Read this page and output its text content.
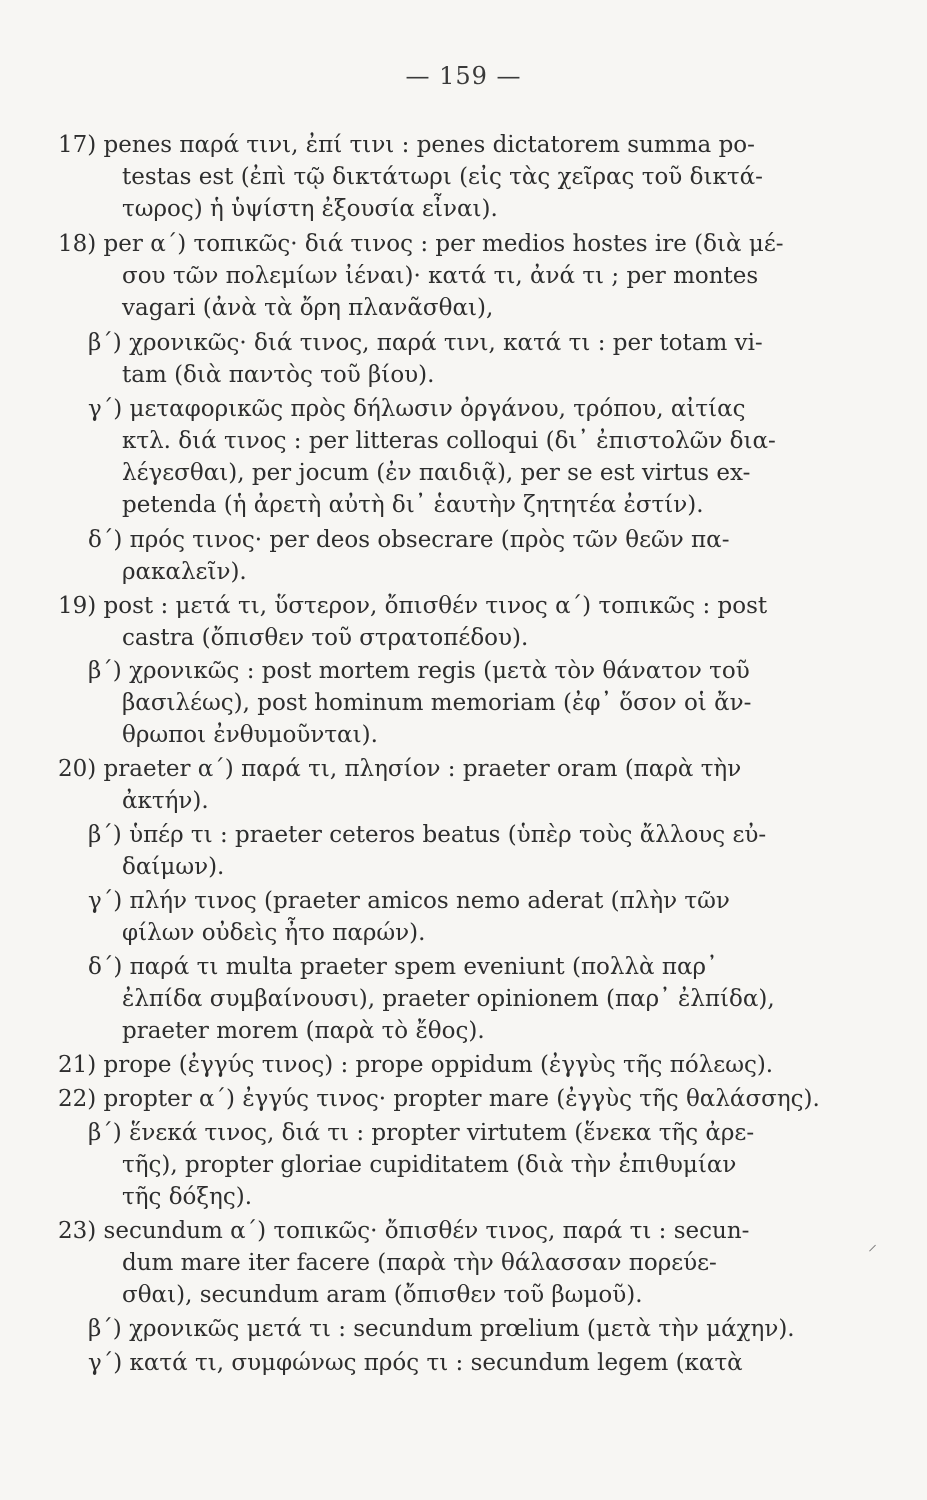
— 159 —
17) penes παρά τινι, ἐπί τινι : penes dictatorem summa po-
testas est (ἐπὶ τῷ δικτάτωρι (εἰς τὰς χεῖρας τοῦ δικτά-
τωρος) ἡ ὑψίστη ἐξουσία εἶναι).
18) per α΄) τοπικῶς· διά τινος : per medios hostes ire (διὰ μέ-
σου τῶν πολεμίων ἰέναι)· κατά τι, ἀνά τι ; per montes
vagari (ἀνὰ τὰ ὄρη πλανᾶσθαι),
β΄) χρονικῶς· διά τινος, παρά τινι, κατά τι : per totam vi-
tam (διὰ παντὸς τοῦ βίου).
γ΄) μεταφορικῶς πρὸς δήλωσιν ὀργάνου, τρόπου, αἰτίας
κτλ. διά τινος : per litteras colloqui (δι᾽ ἐπιστολῶν δια-
λέγεσθαι), per jocum (ἐν παιδιᾷ), per se est virtus ex-
petenda (ἡ ἀρετὴ αὐτὴ δι᾽ ἑαυτὴν ζητητέα ἐστίν).
δ΄) πρός τινος· per deos obsecrare (πρὸς τῶν θεῶν πα-
ρακαλεῖν).
19) post : μετά τι, ὕστερον, ὄπισθέν τινος α΄) τοπικῶς : post
castra (ὄπισθεν τοῦ στρατοπέδου).
β΄) χρονικῶς : post mortem regis (μετὰ τὸν θάνατον τοῦ
βασιλέως), post hominum memoriam (ἐφ᾽ ὅσον οἱ ἄν-
θρωποι ἐνθυμοῦνται).
20) praeter α΄) παρά τι, πλησίον : praeter oram (παρὰ τὴν
ἀκτήν).
β΄) ὑπέρ τι : praeter ceteros beatus (ὑπὲρ τοὺς ἄλλους εὐ-
δαίμων).
γ΄) πλήν τινος (praeter amicos nemo aderat (πλὴν τῶν
φίλων οὐδεὶς ἦτο παρών).
δ΄) παρά τι multa praeter spem eveniunt (πολλὰ παρ᾽
ἐλπίδα συμβαίνουσι), praeter opinionem (παρ᾽ ἐλπίδα),
praeter morem (παρὰ τὸ ἔθος).
21) prope (ἐγγύς τινος) : prope oppidum (ἐγγὺς τῆς πόλεως).
22) propter α΄) ἐγγύς τινος· propter mare (ἐγγὺς τῆς θαλάσσης).
β΄) ἕνεκά τινος, διά τι : propter virtutem (ἕνεκα τῆς ἀρε-
τῆς), propter gloriae cupiditatem (διὰ τὴν ἐπιθυμίαν
τῆς δόξης).
23) secundum α΄) τοπικῶς· ὄπισθέν τινος, παρά τι : secun-
dum mare iter facere (παρὰ τὴν θάλασσαν πορεύε-
σθαι), secundum aram (ὄπισθεν τοῦ βωμοῦ).
β΄) χρονικῶς μετά τι : secundum prœlium (μετὰ τὴν μάχην).
γ΄) κατά τι, συμφώνως πρός τι : secundum legem (κατὰ
⸝
